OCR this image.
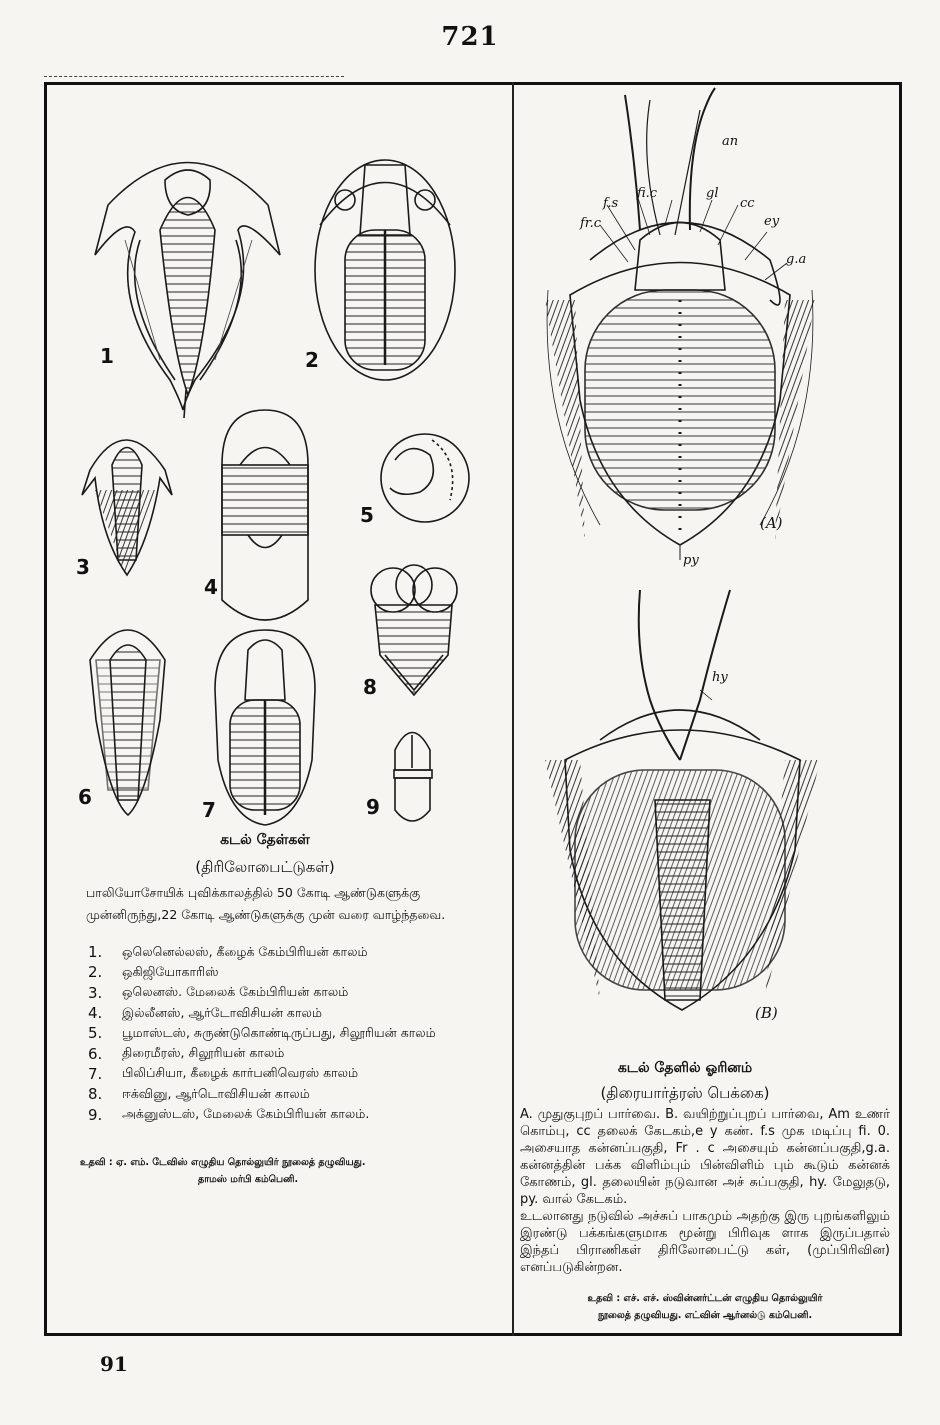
721
1	2
3
4
5
6
7
8
9
an
fi.c
f.s
fr.c
gl
cc
ey
g.a
(A)
py
hy
(B)
கடல் தேள்கள்
(திரிலோபைட்டுகள்)
பாலியோசோயிக் புவிக்காலத்தில் 50 கோடி ஆண்டுகளுக்கு முன்னிருந்து,22 கோடி ஆண்டுகளுக்கு முன் வரை வாழ்ந்தவை.
1.	ஒலெனெல்லஸ், கீழைக் கேம்பிரியன் காலம்
2.	ஒகிஜியோகாரிஸ்
3.	ஒலெனஸ். மேலைக் கேம்பிரியன் காலம்
4.	இல்லீனஸ், ஆர்டோவிசியன் காலம்
5.	பூமாஸ்டஸ், சுருண்டுகொண்டிருப்பது, சிலூரியன் காலம்
6.	திரைமீரஸ், சிலூரியன் காலம்
7.	பிலிப்சியா, கீழைக் கார்பனிவெரஸ் காலம்
8.	ஈக்வினு, ஆர்டொவிசியன் காலம்
9.	அக்னுஸ்டஸ், மேலைக் கேம்பிரியன் காலம்.
உதவி : ஏ. எம். டேவிஸ் எழுதிய தொல்லுயிர் நூலைத் தழுவியது.
தாமஸ் மர்பி கம்பெனி.
கடல் தேளில் ஓரினம்
(திரையார்த்ரஸ் பெக்கை)

A. முதுகுபுறப் பார்வை. B. வயிற்றுப்புறப் பார்வை, Am உணர் கொம்பு, cc தலைக் கேடகம்,e y கண். f.s முக மடிப்பு fi. 0. அசையாத கன்னப்பகுதி, Fr . c அசையும் கன்னப்பகுதி,g.a. கன்னத்தின் பக்க விளிம்பும் பின்விளிம் பும் கூடும் கன்னக் கோணம், gl. தலையின் நடுவான அச் சுப்பகுதி, hy. மேலுதடு, py. வால் கேடகம்.

உடலானது நடுவில் அச்சுப் பாகமும் அதற்கு இரு புறங்களிலும் இரண்டு பக்கங்களுமாக மூன்று பிரிவுக ளாக இருப்பதால் இந்தப் பிராணிகள் திரிலோபைட்டு கள், (முப்பிரிவின) எனப்படுகின்றன.

உதவி : எச். எச். ஸ்வின்னர்ட்டன் எழுதிய தொல்லுயிர்
நூலைத் தழுவியது. எட்வின் ஆர்னல்டு கம்பெனி.
91
